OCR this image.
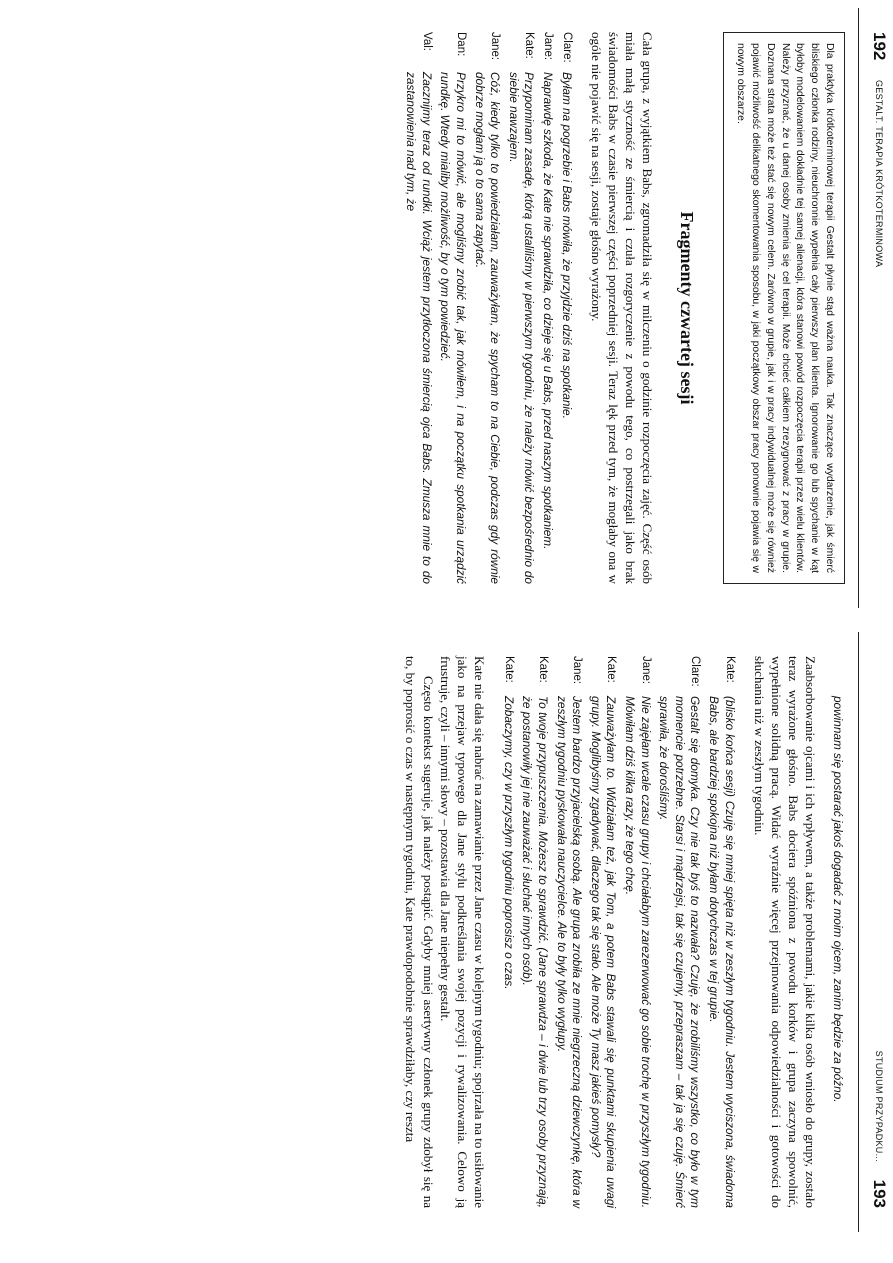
192
GESTALT. TERAPIA KRÓTKOTERMINOWA
Dla praktyka krótkoterminowej terapii Gestalt płynie stąd ważna nauka. Tak znaczące wydarzenie, jak śmierć bliskiego członka rodziny, nieuchronnie wypełnia cały pierwszy plan klienta. Ignorowanie go lub spychanie w kąt byłoby modelowaniem dokładnie tej samej alienacji, która stanowi powód rozpoczęcia terapii przez wielu klientów. Należy przyznać, że u danej osoby zmienia się cel terapii. Może chcieć całkiem zrezygnować z pracy w grupie. Doznana strata może też stać się nowym celem. Zarówno w grupie, jak i w pracy indywidualnej może się również pojawić możliwość delikatnego skomentowania sposobu, w jaki początkowy obszar pracy ponownie pojawia się w nowym obszarze.
Fragmenty czwartej sesji

Cała grupa, z wyjątkiem Babs, zgromadziła się w milczeniu o godzinie rozpoczęcia zajęć. Część osób miała małą styczność ze śmiercią i czuła rozgoryczenie z powodu tego, co postrzegali jako brak świadomości Babs w czasie pierwszej części poprzedniej sesji. Teraz lęk przed tym, że mogłaby ona w ogóle nie pojawić się na sesji, zostaje głośno wyrażony.

Clare:
Byłam na pogrzebie i Babs mówiła, że przyjdzie dziś na spotkanie.
Jane:
Naprawdę szkoda, że Kate nie sprawdziła, co dzieje się u Babs, przed naszym spotkaniem.
Kate:
Przypominam zasadę, którą ustaliliśmy w pierwszym tygodniu, że należy mówić bezpośrednio do siebie nawzajem.
Jane:
Cóż, kiedy tylko to powiedziałam, zauważyłam, że spycham to na Ciebie, podczas gdy równie dobrze mogłam ją o to sama zapytać.
Dan:
Przykro mi to mówić, ale mogliśmy zrobić tak, jak mówiłem, i na początku spotkania urządzić rundkę. Wtedy mialiby możliwość, by o tym powiedzieć.
Val:
Zacznijmy teraz od rundki. Wciąż jestem przytłoczona śmiercią ojca Babs. Zmusza mnie to do zastanowienia nad tym, że
STUDIUM PRZYPADKU...
193
powinnam się postarać jakoś dogadać z moim ojcem, zanim będzie za późno.

Zaabsorbowanie ojcami i ich wpływem, a także problemami, jakie kilka osób wniosło do grupy, zostało teraz wyrażone głośno. Babs dociera spóźniona z powodu korków i grupa zaczyna spowolnić, wypełnione solidną pracą. Widać wyraźnie więcej przejmowania odpowiedzialności i gotowości do słuchania niż w zeszłym tygodniu.

Kate:
(blisko końca sesji) Czuję się mniej spięta niż w zeszłym tygodniu. Jestem wyciszona, świadoma Babs, ale bardziej spokojna niż byłam dotychczas w tej grupie.
Clare:
Gestalt się domyka. Czy nie tak byś to nazwała? Czuję, że zrobiliśmy wszystko, co było w tym momencie potrzebne. Starsi i mądrzejsi, tak się czujemy, przepraszam – tak ja się czuję. Śmierć sprawiła, że dorośliśmy.
Jane:
Nie zajęłam wcale czasu grupy i chciałabym zarezerwować go sobie trochę w przyszłym tygodniu. Mówiłam dziś kilka razy, że tego chcę.
Kate:
Zauważyłam to. Widziałam też, jak Tom, a potem Babs stawali się punktami skupienia uwagi grupy. Moglibyśmy zgadywać, dlaczego tak się stało. Ale może Ty masz jakieś pomysły?
Jane:
Jestem bardzo przyjacielską osobą. Ale grupa zrobiła ze mnie niegrzeczną dziewczynkę, która w zeszłym tygodniu pyskowała nauczycielce. Ale to były tylko wygłupy.
Kate:
To twoje przypuszczenia. Możesz to sprawdzić. (Jane sprawdza – i dwie lub trzy osoby przyznają, że postanowiły jej nie zauważać i słuchać innych osób).
Kate:
Zobaczymy, czy w przyszłym tygodniu poprosisz o czas.

Kate nie dała się nabrać na zamawianie przez Jane czasu w kolejnym tygodniu; spojrzała na to usiłowanie jako na przejaw typowego dla Jane stylu podkreślania swojej pozycji i rywalizowania. Celowo ją frustruje, czyli – innymi słowy – pozostawia dla Jane niepełny gestalt.

Często kontekst sugeruje, jak należy postąpić. Gdyby mniej asertywny członek grupy zdobył się na to, by poprosić o czas w następnym tygodniu, Kate prawdopodobnie sprawdziłaby, czy reszta
